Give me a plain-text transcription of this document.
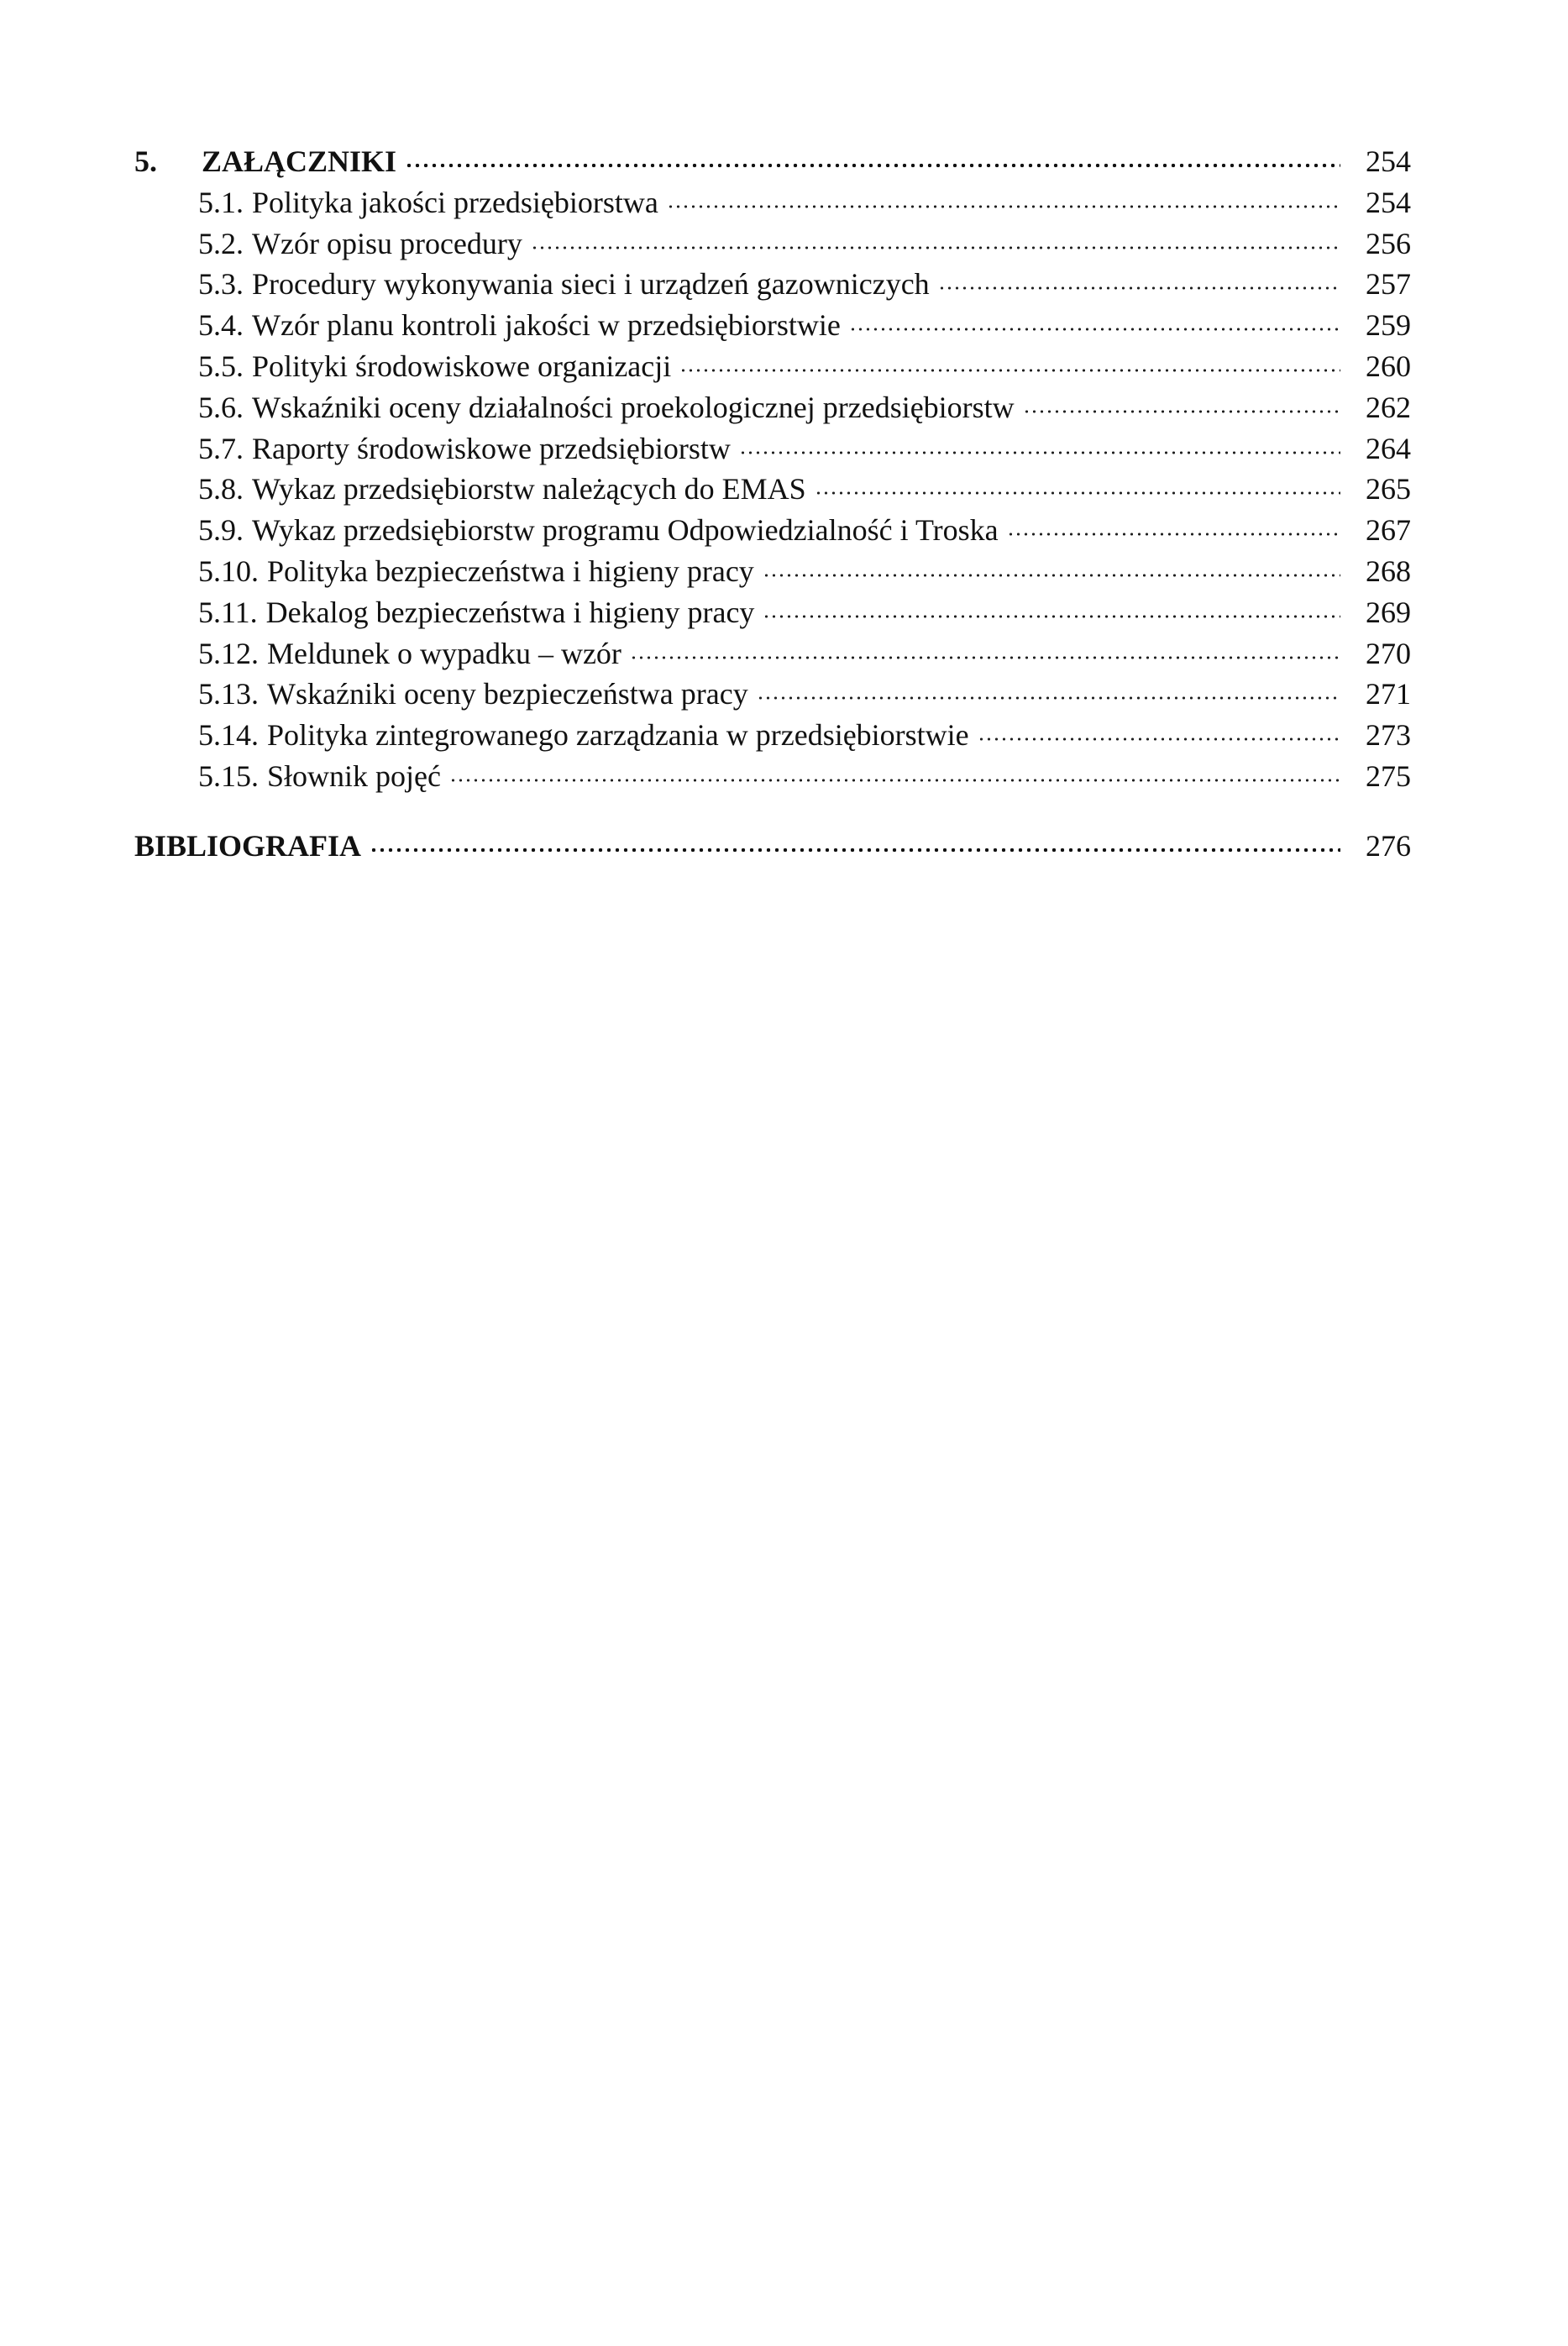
5.	ZAŁĄCZNIKI	254
5.1. Polityka jakości przedsiębiorstwa	254
5.2. Wzór opisu procedury	256
5.3. Procedury wykonywania sieci i urządzeń gazowniczych	257
5.4. Wzór planu kontroli jakości w przedsiębiorstwie	259
5.5. Polityki środowiskowe organizacji	260
5.6. Wskaźniki oceny działalności proekologicznej przedsiębiorstw	262
5.7. Raporty środowiskowe przedsiębiorstw	264
5.8. Wykaz przedsiębiorstw należących do EMAS	265
5.9. Wykaz przedsiębiorstw programu Odpowiedzialność i Troska	267
5.10. Polityka bezpieczeństwa i higieny pracy	268
5.11. Dekalog bezpieczeństwa i higieny pracy	269
5.12. Meldunek o wypadku – wzór	270
5.13. Wskaźniki oceny bezpieczeństwa pracy	271
5.14. Polityka zintegrowanego zarządzania w przedsiębiorstwie	273
5.15. Słownik pojęć	275
BIBLIOGRAFIA	276
